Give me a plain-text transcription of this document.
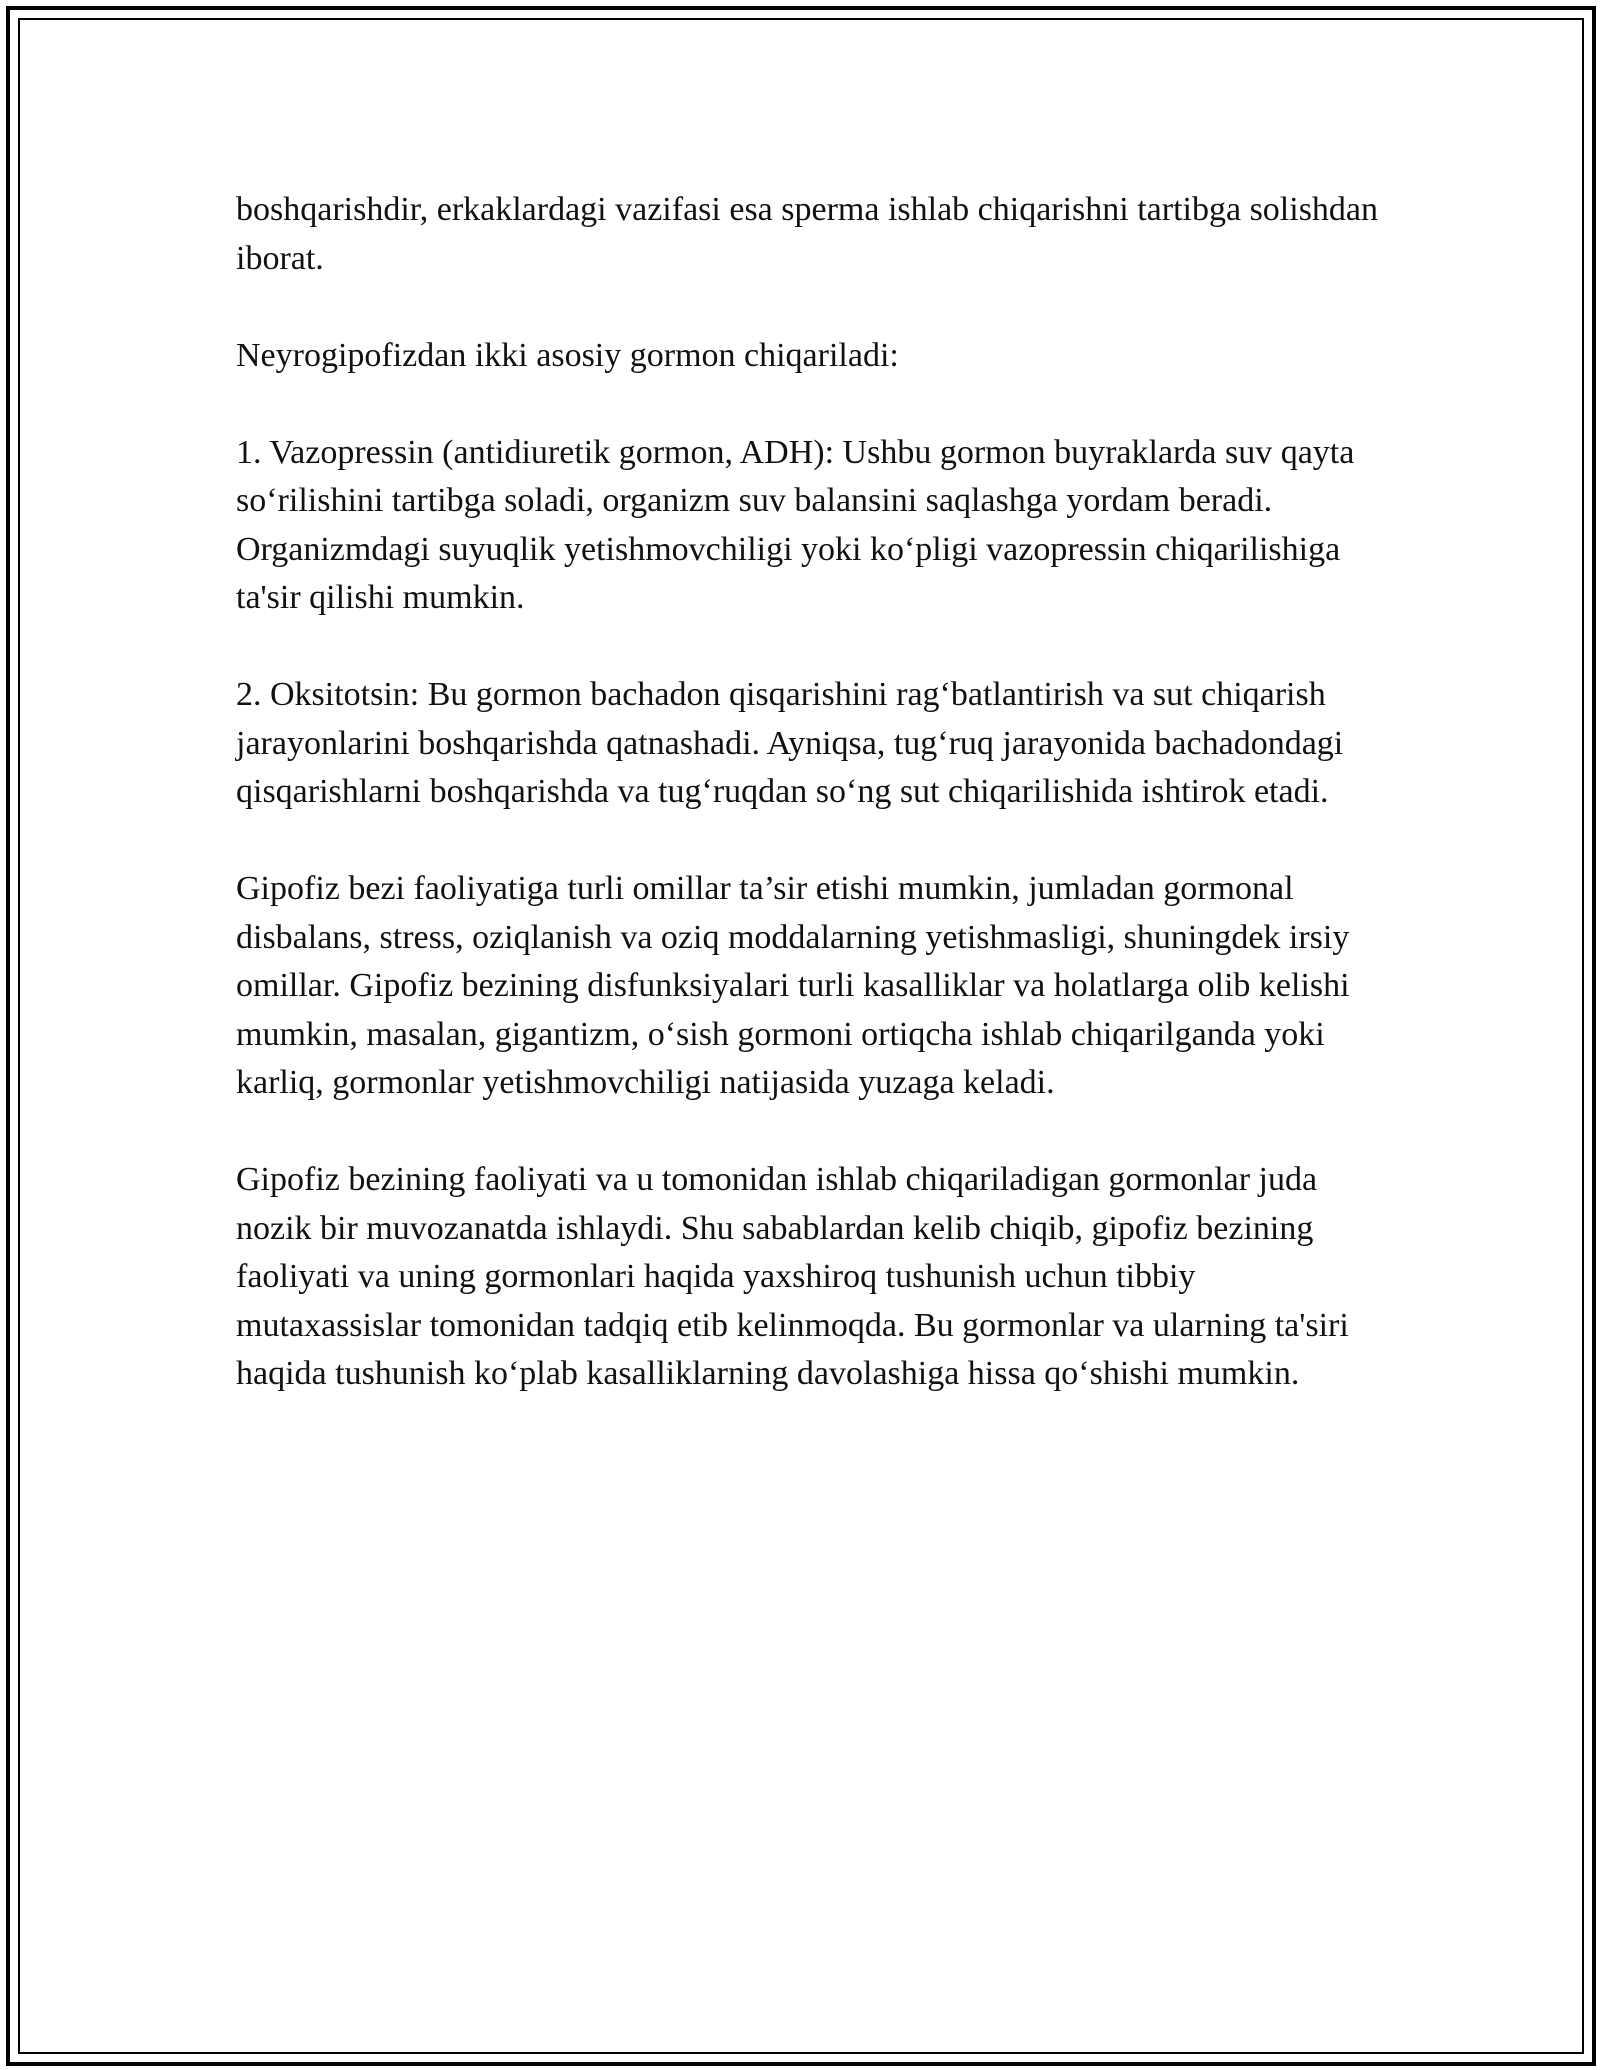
boshqarishdir, erkaklardagi vazifasi esa sperma ishlab chiqarishni tartibga solishdan iborat.

Neyrogipofizdan ikki asosiy gormon chiqariladi:

1. Vazopressin (antidiuretik gormon, ADH): Ushbu gormon buyraklarda suv qayta so‘rilishini tartibga soladi, organizm suv balansini saqlashga yordam beradi. Organizmdagi suyuqlik yetishmovchiligi yoki ko‘pligi vazopressin chiqarilishiga ta'sir qilishi mumkin.

2. Oksitotsin: Bu gormon bachadon qisqarishini rag‘batlantirish va sut chiqarish jarayonlarini boshqarishda qatnashadi. Ayniqsa, tug‘ruq jarayonida bachadondagi qisqarishlarni boshqarishda va tug‘ruqdan so‘ng sut chiqarilishida ishtirok etadi.

Gipofiz bezi faoliyatiga turli omillar ta’sir etishi mumkin, jumladan gormonal disbalans, stress, oziqlanish va oziq moddalarning yetishmasligi, shuningdek irsiy omillar. Gipofiz bezining disfunksiyalari turli kasalliklar va holatlarga olib kelishi mumkin, masalan, gigantizm, o‘sish gormoni ortiqcha ishlab chiqarilganda yoki karliq, gormonlar yetishmovchiligi natijasida yuzaga keladi.

Gipofiz bezining faoliyati va u tomonidan ishlab chiqariladigan gormonlar juda nozik bir muvozanatda ishlaydi. Shu sabablardan kelib chiqib, gipofiz bezining faoliyati va uning gormonlari haqida yaxshiroq tushunish uchun tibbiy mutaxassislar tomonidan tadqiq etib kelinmoqda. Bu gormonlar va ularning ta'siri haqida tushunish ko‘plab kasalliklarning davolashiga hissa qo‘shishi mumkin.
